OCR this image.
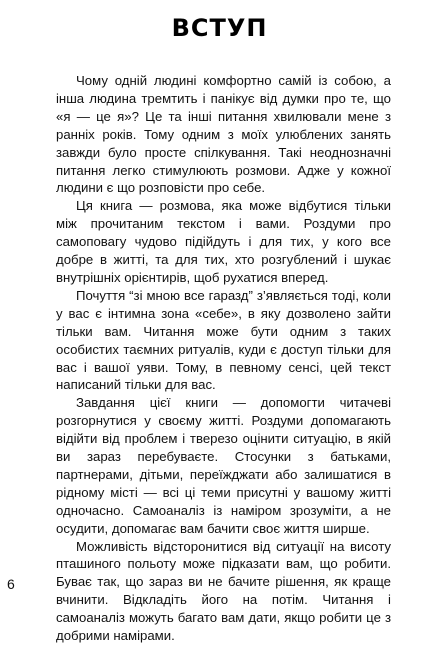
ВСТУП

Чому одній людині комфортно самій із собою, а інша людина тремтить і панікує від думки про те, що «я — це я»? Це та інші питання хвилювали мене з ранніх років. Тому одним з моїх улюблених занять завжди було просте спілкування. Такі неоднозначні питання легко стимулюють розмови. Адже у кожної людини є що розповісти про себе.

Ця книга — розмова, яка може відбутися тільки між прочитаним текстом і вами. Роздуми про самоповагу чудово підійдуть і для тих, у кого все добре в житті, та для тих, хто розгублений і шукає внутрішніх орієнтирів, щоб рухатися вперед.

Почуття “зі мною все гаразд” з’являється тоді, коли у вас є інтимна зона «себе», в яку дозволено зайти тільки вам. Читання може бути одним з таких особистих таємних ритуалів, куди є доступ тільки для вас і вашої уяви. Тому, в певному сенсі, цей текст написаний тільки для вас.

Завдання цієї книги — допомогти читачеві розгорнутися у своєму житті. Роздуми допомагають відійти від проблем і тверезо оцінити ситуацію, в якій ви зараз перебуваєте. Стосунки з батьками, партнерами, дітьми, переїжджати або залишатися в рідному місті — всі ці теми присутні у вашому житті одночасно. Самоаналіз із наміром зрозуміти, а не осудити, допомагає вам бачити своє життя ширше.

Можливість відсторонитися від ситуації на висоту пташиного польоту може підказати вам, що робити. Буває так, що зараз ви не бачите рішення, як краще вчинити. Відкладіть його на потім. Читання і самоаналіз можуть багато вам дати, якщо робити це з добрими намірами.

6
